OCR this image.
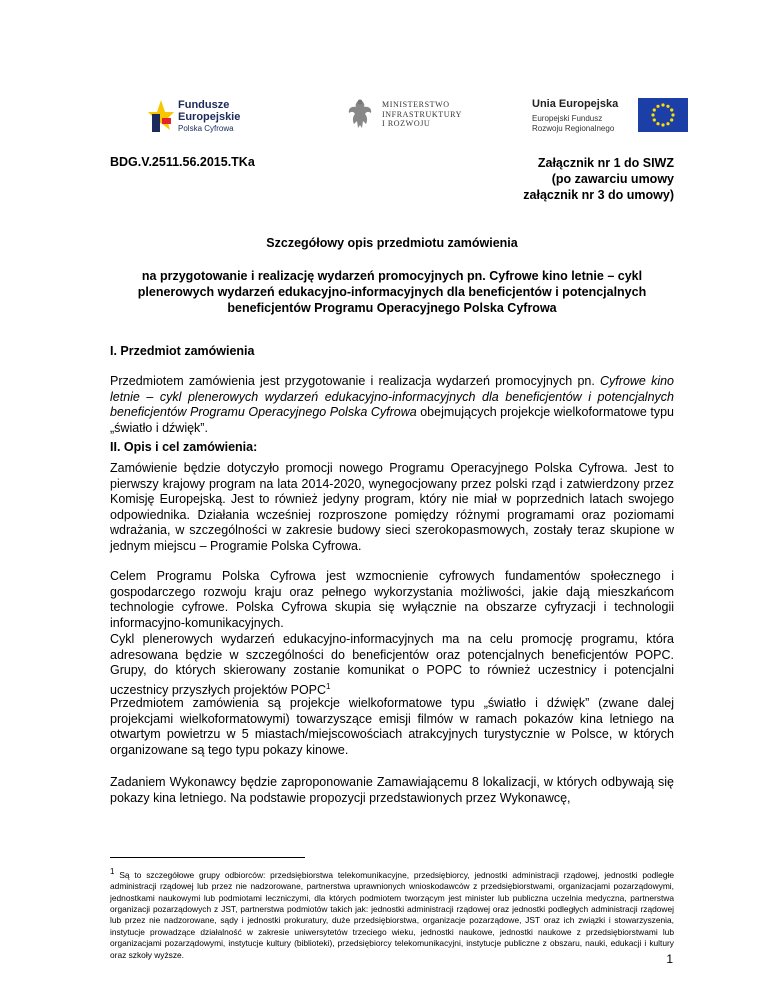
Fundusze
Europejskie
Polska Cyfrowa
MINISTERSTWO
INFRASTRUKTURY
I ROZWOJU
Unia Europejska
Europejski Fundusz
Rozwoju Regionalnego
BDG.V.2511.56.2015.TKa	Załącznik nr 1 do SIWZ
(po zawarciu umowy
załącznik nr 3 do umowy)
Szczegółowy opis przedmiotu zamówienia
na przygotowanie i realizację wydarzeń promocyjnych pn. Cyfrowe kino letnie – cykl
plenerowych wydarzeń edukacyjno-informacyjnych dla beneficjentów i potencjalnych
beneficjentów Programu Operacyjnego Polska Cyfrowa
I. Przedmiot zamówienia
Przedmiotem zamówienia jest przygotowanie i realizacja wydarzeń promocyjnych pn. Cyfrowe kino letnie – cykl plenerowych wydarzeń edukacyjno-informacyjnych dla beneficjentów i potencjalnych beneficjentów Programu Operacyjnego Polska Cyfrowa obejmujących projekcje wielkoformatowe typu „światło i dźwięk”.
II. Opis i cel zamówienia:
Zamówienie będzie dotyczyło promocji nowego Programu Operacyjnego Polska Cyfrowa. Jest to pierwszy krajowy program na lata 2014-2020, wynegocjowany przez polski rząd i zatwierdzony przez Komisję Europejską. Jest to również jedyny program, który nie miał w poprzednich latach swojego odpowiednika. Działania wcześniej rozproszone pomiędzy różnymi programami oraz poziomami wdrażania, w szczególności w zakresie budowy sieci szerokopasmowych, zostały teraz skupione w jednym miejscu – Programie Polska Cyfrowa.
Celem Programu Polska Cyfrowa jest wzmocnienie cyfrowych fundamentów społecznego i gospodarczego rozwoju kraju oraz pełnego wykorzystania możliwości, jakie dają mieszkańcom technologie cyfrowe. Polska Cyfrowa skupia się wyłącznie na obszarze cyfryzacji i technologii informacyjno-komunikacyjnych.
Cykl plenerowych wydarzeń edukacyjno-informacyjnych ma na celu promocję programu, która adresowana będzie w szczególności do beneficjentów oraz potencjalnych beneficjentów POPC. Grupy, do których skierowany zostanie komunikat o POPC to również uczestnicy i potencjalni uczestnicy przyszłych projektów POPC$^1$
Przedmiotem zamówienia są projekcje wielkoformatowe typu „światło i dźwięk” (zwane dalej projekcjami wielkoformatowymi) towarzyszące emisji filmów w ramach pokazów kina letniego na otwartym powietrzu w 5 miastach/miejscowościach atrakcyjnych turystycznie w Polsce, w których organizowane są tego typu pokazy kinowe.
Zadaniem Wykonawcy będzie zaproponowanie Zamawiającemu 8 lokalizacji, w których odbywają się pokazy kina letniego. Na podstawie propozycji przedstawionych przez Wykonawcę,
$^1$ Są to szczegółowe grupy odbiorców: przedsiębiorstwa telekomunikacyjne, przedsiębiorcy, jednostki administracji rządowej, jednostki podległe administracji rządowej lub przez nie nadzorowane, partnerstwa uprawnionych wnioskodawców z przedsiębiorstwami, organizacjami pozarządowymi, jednostkami naukowymi lub podmiotami leczniczymi, dla których podmiotem tworzącym jest minister lub publiczna uczelnia medyczna, partnerstwa organizacji pozarządowych z JST, partnerstwa podmiotów takich jak: jednostki administracji rządowej oraz jednostki podległych administracji rządowej lub przez nie nadzorowane, sądy i jednostki prokuratury, duże przedsiębiorstwa, organizacje pozarządowe, JST oraz ich związki i stowarzyszenia, instytucje prowadzące działalność w zakresie uniwersytetów trzeciego wieku, jednostki naukowe, jednostki naukowe z przedsiębiorstwami lub organizacjami pozarządowymi, instytucje kultury (biblioteki), przedsiębiorcy telekomunikacyjni, instytucje publiczne z obszaru, nauki, edukacji i kultury oraz szkoły wyższe.	1
